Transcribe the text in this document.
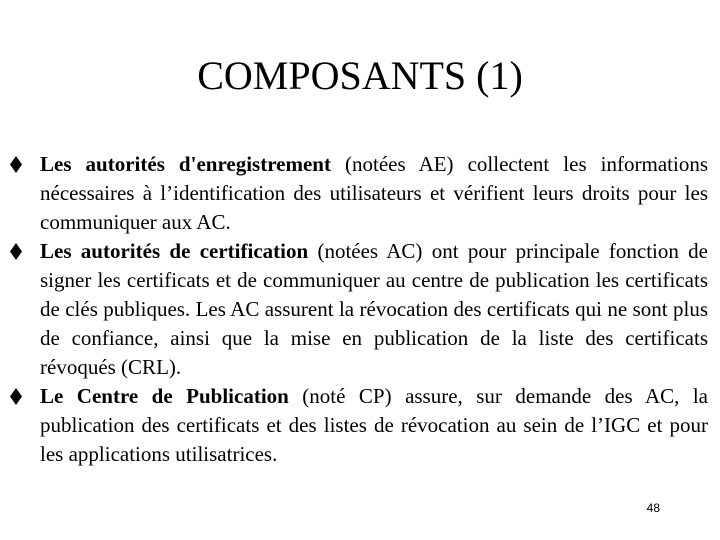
COMPOSANTS (1)
Les autorités d'enregistrement (notées AE) collectent les informations nécessaires à l’identification des utilisateurs et vérifient leurs droits pour les communiquer aux AC.
Les autorités de certification (notées AC) ont pour principale fonction de signer les certificats et de communiquer au centre de publication les certificats de clés publiques. Les AC assurent la révocation des certificats qui ne sont plus de confiance, ainsi que la mise en publication de la liste des certificats révoqués (CRL).
Le Centre de Publication (noté CP) assure, sur demande des AC, la publication des certificats et des listes de révocation au sein de l’IGC et pour les applications utilisatrices.
48
